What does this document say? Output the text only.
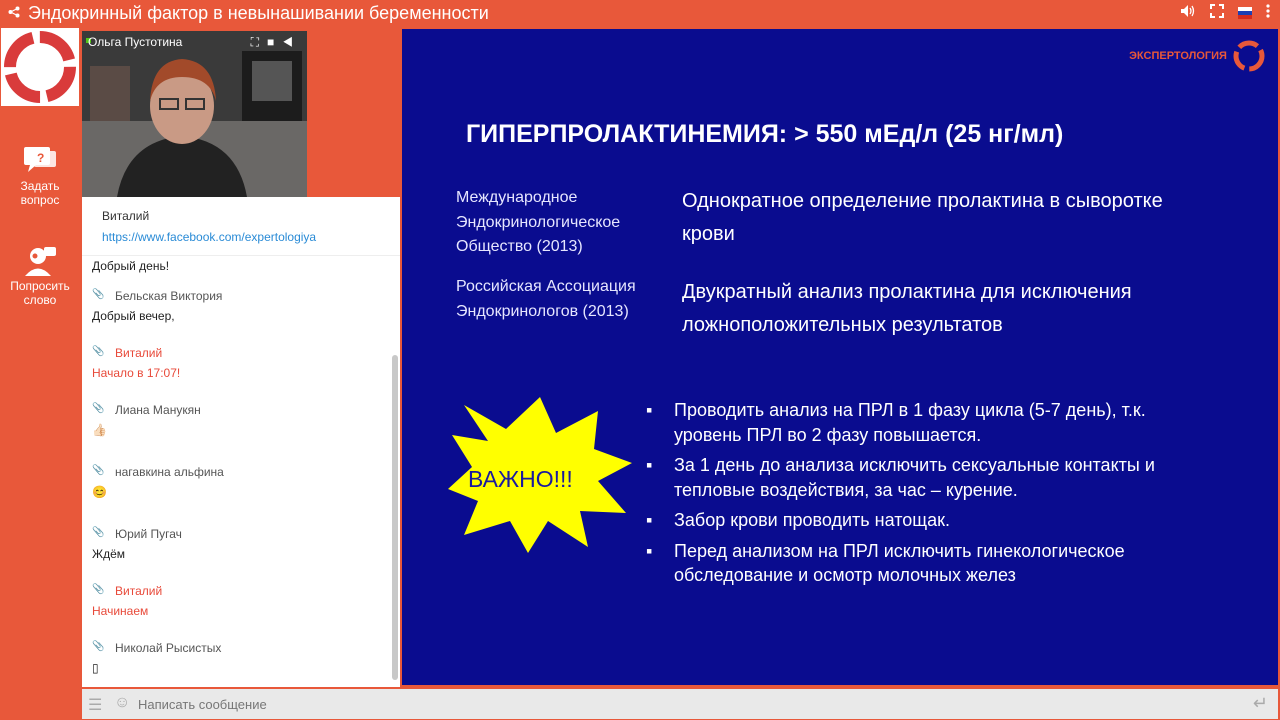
Эндокринный фактор в невынашивании беременности
?
Задать вопрос
Попросить слово
Ольга Пустотина	⛶■◀
Добрый день!
📎 Бельская Виктория
Добрый вечер,
📎 Виталий
Начало в 17:07!
📎 Лиана Манукян
👍🏻
📎 нагавкина альфина
😊
📎 Юрий Пугач
Ждём
📎 Виталий
Начинаем
📎 Николай Рысистых
▯
Виталий
https://www.facebook.com/expertologiya
☰ ☺ Написать сообщение	↵
ЭКСПЕРТОЛОГИЯ
ГИПЕРПРОЛАКТИНЕМИЯ: > 550 мЕд/л (25 нг/мл)
Международное
Эндокринологическое
Общество (2013)
Однократное определение пролактина в сыворотке
крови
Российская Ассоциация
Эндокринологов (2013)
Двукратный анализ пролактина для исключения
ложноположительных результатов
ВАЖНО!!!
▪ Проводить анализ на ПРЛ в 1 фазу цикла (5-7 день), т.к. уровень ПРЛ во 2 фазу повышается.
▪ За 1 день до анализа исключить сексуальные контакты и тепловые воздействия, за час – курение.
▪ Забор крови проводить натощак.
▪ Перед анализом на ПРЛ исключить гинекологическое обследование и осмотр молочных желез
